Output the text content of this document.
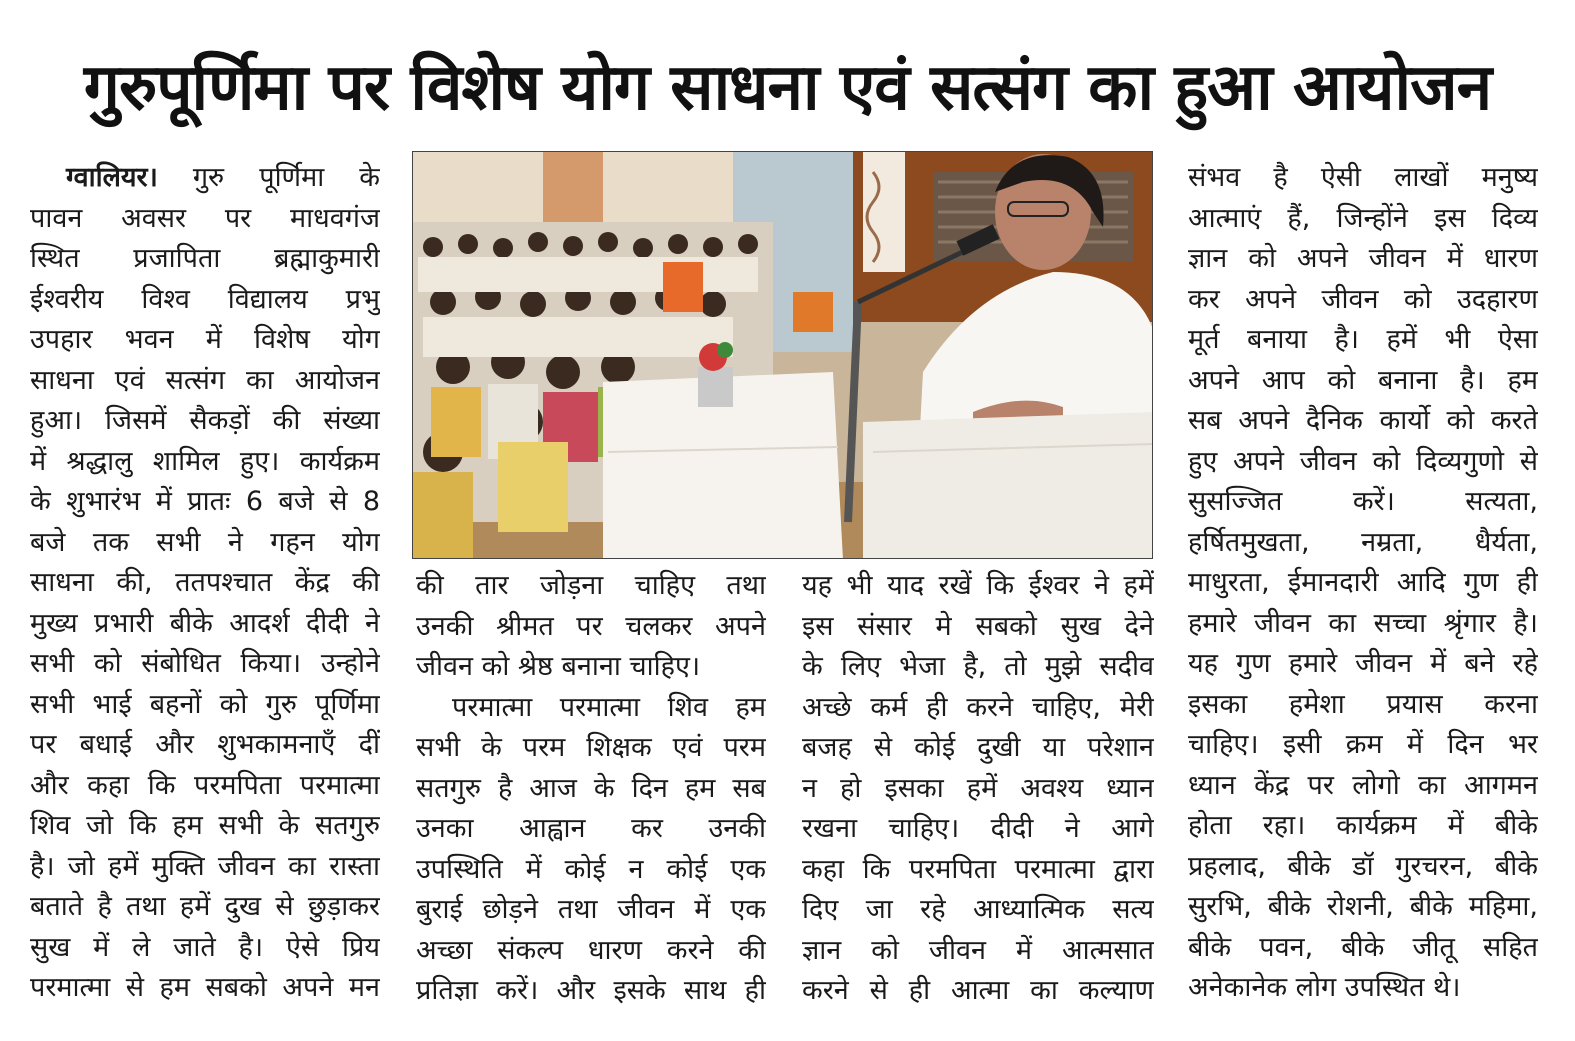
गुरुपूर्णिमा पर विशेष योग साधना एवं सत्संग का हुआ आयोजन
ग्वालियर। गुरु पूर्णिमा के
पावन अवसर पर माधवगंज
स्थित प्रजापिता ब्रह्माकुमारी
ईश्वरीय विश्व विद्यालय प्रभु
उपहार भवन में विशेष योग
साधना एवं सत्संग का आयोजन
हुआ। जिसमें सैकड़ों की संख्या
में श्रद्धालु शामिल हुए। कार्यक्रम
के शुभारंभ में प्रातः 6 बजे से 8
बजे तक सभी ने गहन योग
साधना की, ततपश्चात केंद्र की
मुख्य प्रभारी बीके आदर्श दीदी ने
सभी को संबोधित किया। उन्होने
सभी भाई बहनों को गुरु पूर्णिमा
पर बधाई और शुभकामनाएँ दीं
और कहा कि परमपिता परमात्मा
शिव जो कि हम सभी के सतगुरु
है। जो हमें मुक्ति जीवन का रास्ता
बताते है तथा हमें दुख से छुड़ाकर
सुख में ले जाते है। ऐसे प्रिय
परमात्मा से हम सबको अपने मन
की तार जोड़ना चाहिए तथा
उनकी श्रीमत पर चलकर अपने
जीवन को श्रेष्ठ बनाना चाहिए।
परमात्मा परमात्मा शिव हम
सभी के परम शिक्षक एवं परम
सतगुरु है आज के दिन हम सब
उनका आह्वान कर उनकी
उपस्थिति में कोई न कोई एक
बुराई छोड़ने तथा जीवन में एक
अच्छा संकल्प धारण करने की
प्रतिज्ञा करें। और इसके साथ ही
यह भी याद रखें कि ईश्वर ने हमें
इस संसार मे सबको सुख देने
के लिए भेजा है, तो मुझे सदीव
अच्छे कर्म ही करने चाहिए, मेरी
बजह से कोई दुखी या परेशान
न हो इसका हमें अवश्य ध्यान
रखना चाहिए। दीदी ने आगे
कहा कि परमपिता परमात्मा द्वारा
दिए जा रहे आध्यात्मिक सत्य
ज्ञान को जीवन में आत्मसात
करने से ही आत्मा का कल्याण
संभव है ऐसी लाखों मनुष्य
आत्माएं हैं, जिन्होंने इस दिव्य
ज्ञान को अपने जीवन में धारण
कर अपने जीवन को उदहारण
मूर्त बनाया है। हमें भी ऐसा
अपने आप को बनाना है। हम
सब अपने दैनिक कार्यो को करते
हुए अपने जीवन को दिव्यगुणो से
सुसज्जित करें। सत्यता,
हर्षितमुखता, नम्रता, धैर्यता,
माधुरता, ईमानदारी आदि गुण ही
हमारे जीवन का सच्चा श्रृंगार है।
यह गुण हमारे जीवन में बने रहे
इसका हमेशा प्रयास करना
चाहिए। इसी क्रम में दिन भर
ध्यान केंद्र पर लोगो का आगमन
होता रहा। कार्यक्रम में बीके
प्रहलाद, बीके डॉ गुरचरन, बीके
सुरभि, बीके रोशनी, बीके महिमा,
बीके पवन, बीके जीतू सहित
अनेकानेक लोग उपस्थित थे।
